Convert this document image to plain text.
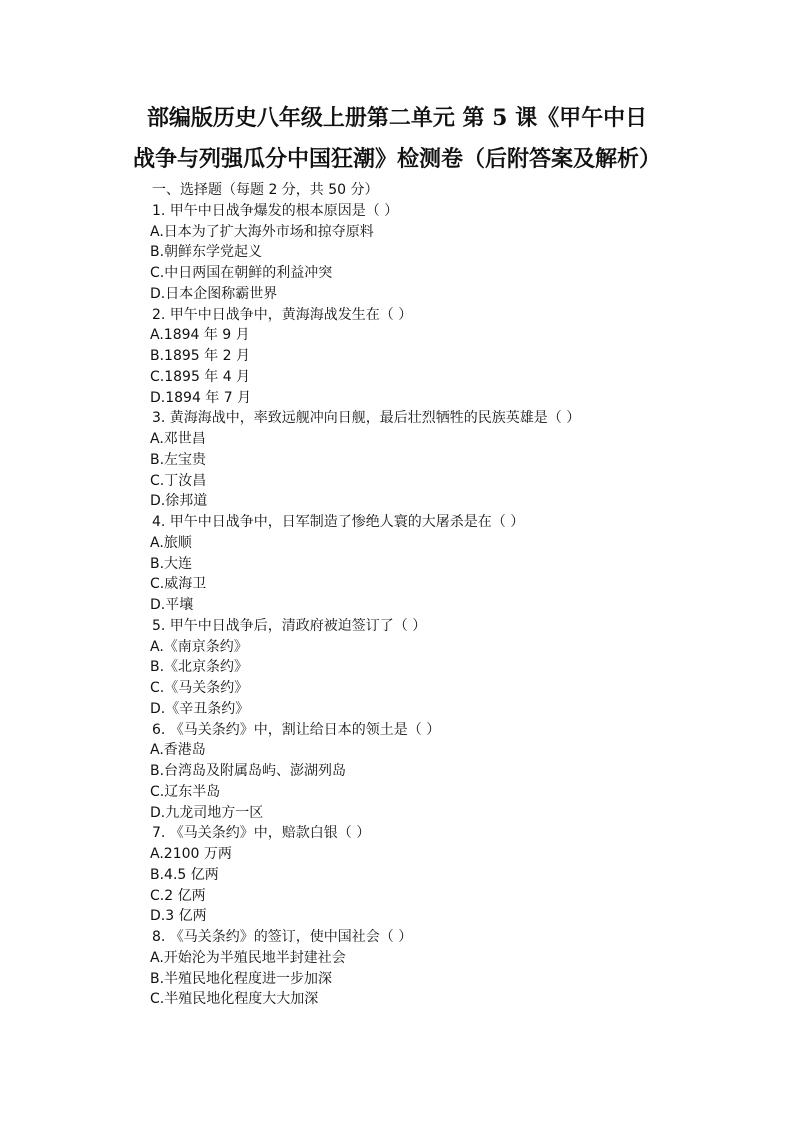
部编版历史八年级上册第二单元 第 5 课《甲午中日
战争与列强瓜分中国狂潮》检测卷（后附答案及解析）
一、选择题（每题 2 分，共 50 分）
1. 甲午中日战争爆发的根本原因是（ ）
A.日本为了扩大海外市场和掠夺原料
B.朝鲜东学党起义
C.中日两国在朝鲜的利益冲突
D.日本企图称霸世界
2. 甲午中日战争中，黄海海战发生在（ ）
A.1894 年 9 月
B.1895 年 2 月
C.1895 年 4 月
D.1894 年 7 月
3. 黄海海战中，率致远舰冲向日舰，最后壮烈牺牲的民族英雄是（ ）
A.邓世昌
B.左宝贵
C.丁汝昌
D.徐邦道
4. 甲午中日战争中，日军制造了惨绝人寰的大屠杀是在（ ）
A.旅顺
B.大连
C.威海卫
D.平壤
5. 甲午中日战争后，清政府被迫签订了（ ）
A.《南京条约》
B.《北京条约》
C.《马关条约》
D.《辛丑条约》
6. 《马关条约》中，割让给日本的领土是（ ）
A.香港岛
B.台湾岛及附属岛屿、澎湖列岛
C.辽东半岛
D.九龙司地方一区
7. 《马关条约》中，赔款白银（ ）
A.2100 万两
B.4.5 亿两
C.2 亿两
D.3 亿两
8. 《马关条约》的签订，使中国社会（ ）
A.开始沦为半殖民地半封建社会
B.半殖民地化程度进一步加深
C.半殖民地化程度大大加深
